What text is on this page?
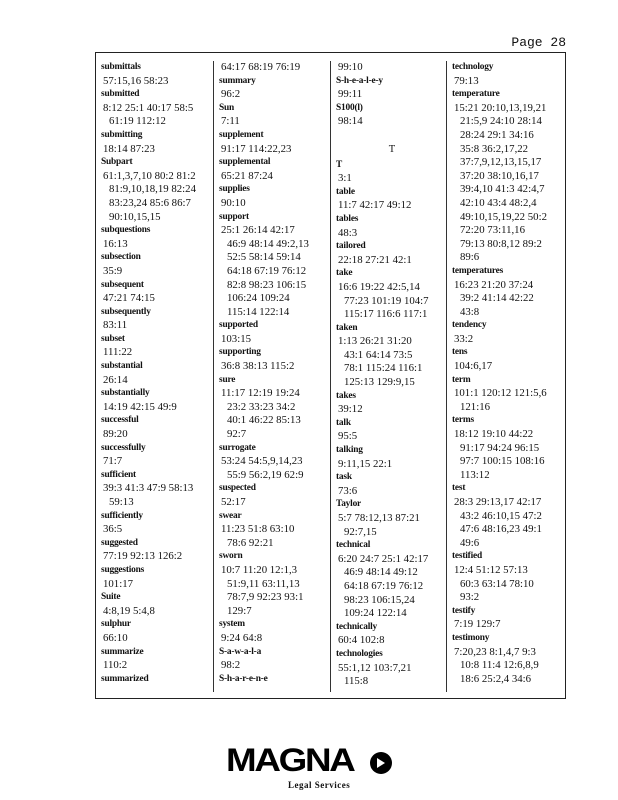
Page 28
submittals
57:15,16 58:23
submitted
8:12 25:1 40:17 58:5
61:19 112:12
submitting
18:14 87:23
Subpart
61:1,3,7,10 80:2 81:2
81:9,10,18,19 82:24
83:23,24 85:6 86:7
90:10,15,15
subquestions
16:13
subsection
35:9
subsequent
47:21 74:15
subsequently
83:11
subset
111:22
substantial
26:14
substantially
14:19 42:15 49:9
successful
89:20
successfully
71:7
sufficient
39:3 41:3 47:9 58:13
59:13
sufficiently
36:5
suggested
77:19 92:13 126:2
suggestions
101:17
Suite
4:8,19 5:4,8
sulphur
66:10
summarize
110:2
summarized
64:17 68:19 76:19
summary
96:2
Sun
7:11
supplement
91:17 114:22,23
supplemental
65:21 87:24
supplies
90:10
support
25:1 26:14 42:17
46:9 48:14 49:2,13
52:5 58:14 59:14
64:18 67:19 76:12
82:8 98:23 106:15
106:24 109:24
115:14 122:14
supported
103:15
supporting
36:8 38:13 115:2
sure
11:17 12:19 19:24
23:2 33:23 34:2
40:1 46:22 85:13
92:7
surrogate
53:24 54:5,9,14,23
55:9 56:2,19 62:9
suspected
52:17
swear
11:23 51:8 63:10
78:6 92:21
sworn
10:7 11:20 12:1,3
51:9,11 63:11,13
78:7,9 92:23 93:1
129:7
system
9:24 64:8
S-a-w-a-l-a
98:2
S-h-a-r-e-n-e
99:10
S-h-e-a-l-e-y
99:11
S100(l)
98:14
T
T
3:1
table
11:7 42:17 49:12
tables
48:3
tailored
22:18 27:21 42:1
take
16:6 19:22 42:5,14
77:23 101:19 104:7
115:17 116:6 117:1
taken
1:13 26:21 31:20
43:1 64:14 73:5
78:1 115:24 116:1
125:13 129:9,15
takes
39:12
talk
95:5
talking
9:11,15 22:1
task
73:6
Taylor
5:7 78:12,13 87:21
92:7,15
technical
6:20 24:7 25:1 42:17
46:9 48:14 49:12
64:18 67:19 76:12
98:23 106:15,24
109:24 122:14
technically
60:4 102:8
technologies
55:1,12 103:7,21
115:8
technology
79:13
temperature
15:21 20:10,13,19,21
21:5,9 24:10 28:14
28:24 29:1 34:16
35:8 36:2,17,22
37:7,9,12,13,15,17
37:20 38:10,16,17
39:4,10 41:3 42:4,7
42:10 43:4 48:2,4
49:10,15,19,22 50:2
72:20 73:11,16
79:13 80:8,12 89:2
89:6
temperatures
16:23 21:20 37:24
39:2 41:14 42:22
43:8
tendency
33:2
tens
104:6,17
term
101:1 120:12 121:5,6
121:16
terms
18:12 19:10 44:22
91:17 94:24 96:15
97:7 100:15 108:16
113:12
test
28:3 29:13,17 42:17
43:2 46:10,15 47:2
47:6 48:16,23 49:1
49:6
testified
12:4 51:12 57:13
60:3 63:14 78:10
93:2
testify
7:19 129:7
testimony
7:20,23 8:1,4,7 9:3
10:8 11:4 12:6,8,9
18:6 25:2,4 34:6
MAGNA
Legal Services
